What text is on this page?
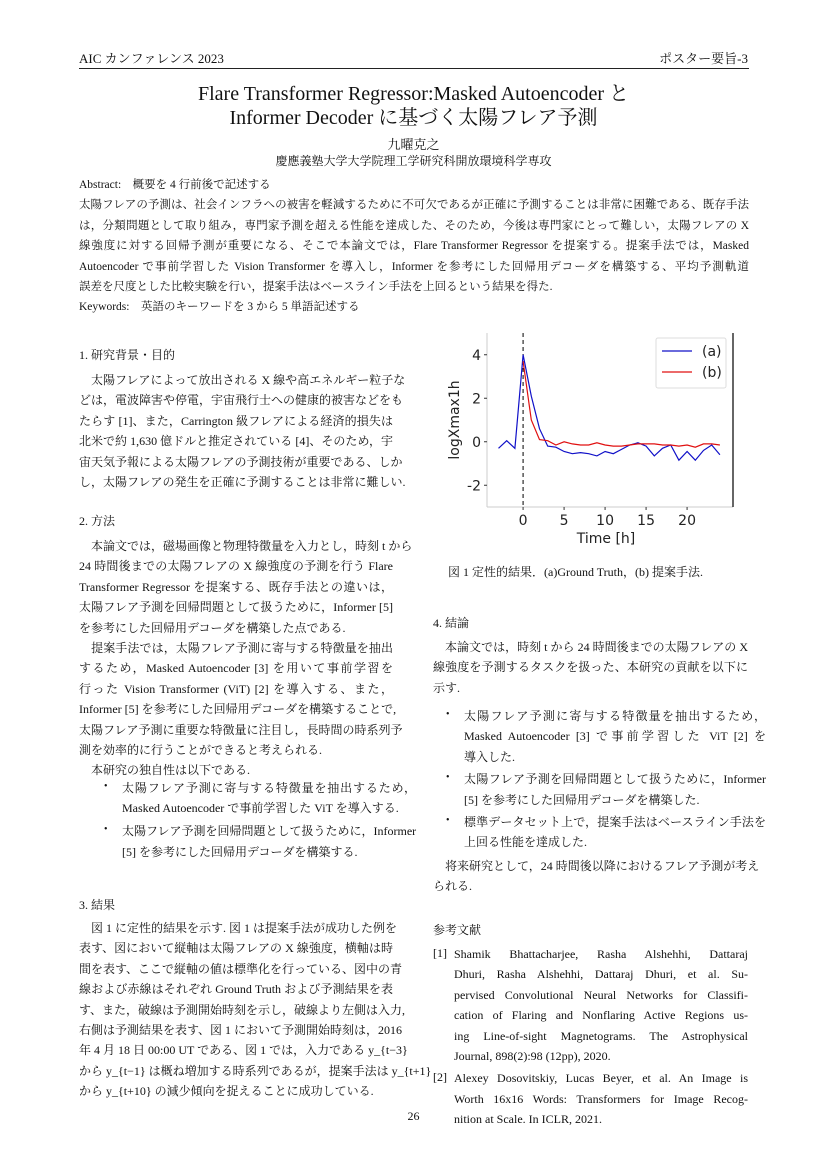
AIC カンファレンス 2023	ポスター要旨-3
Flare Transformer Regressor:Masked Autoencoder と
Informer Decoder に基づく太陽フレア予測
九曜克之
慶應義塾大学大学院理工学研究科開放環境科学専攻
Abstract:　概要を 4 行前後で記述する
太陽フレアの予測は、社会インフラへの被害を軽減するために不可欠であるが正確に予測することは非常に困難である、既存手法
は，分類問題として取り組み，専門家予測を超える性能を達成した、そのため，今後は専門家にとって難しい，太陽フレアの X
線強度に対する回帰予測が重要になる、そこで本論文では，Flare Transformer Regressor を提案する。提案手法では，Masked
Autoencoder で事前学習した Vision Transformer を導入し，Informer を参考にした回帰用デコーダを構築する、平均予測軌道
誤差を尺度とした比較実験を行い，提案手法はベースライン手法を上回るという結果を得た.
Keywords:　英語のキーワードを 3 から 5 単語記述する
1. 研究背景・目的
　太陽フレアによって放出される X 線や高エネルギー粒子な
どは，電波障害や停電，宇宙飛行士への健康的被害などをも
たらす [1]、また，Carrington 級フレアによる経済的損失は
北米で約 1,630 億ドルと推定されている [4]、そのため，宇
宙天気予報による太陽フレアの予測技術が重要である、しか
し，太陽フレアの発生を正確に予測することは非常に難しい.
2. 方法
　本論文では，磁場画像と物理特徴量を入力とし，時刻 t から
24 時間後までの太陽フレアの X 線強度の予測を行う Flare
Transformer Regressor を提案する、既存手法との違いは，
太陽フレア予測を回帰問題として扱うために，Informer [5]
を参考にした回帰用デコーダを構築した点である.
　提案手法では，太陽フレア予測に寄与する特徴量を抽出
するため，Masked Autoencoder [3] を用いて事前学習を
行った Vision Transformer (ViT) [2] を導入する、また，
Informer [5] を参考にした回帰用デコーダを構築することで,
太陽フレア予測に重要な特徴量に注目し，長時間の時系列予
測を効率的に行うことができると考えられる.
　本研究の独自性は以下である.
3. 結果
　図 1 に定性的結果を示す. 図 1 は提案手法が成功した例を
表す、図において縦軸は太陽フレアの X 線強度，横軸は時
間を表す、ここで縦軸の値は標準化を行っている、図中の青
線および赤線はそれぞれ Ground Truth および予測結果を表
す、また，破線は予測開始時刻を示し，破線より左側は入力,
右側は予測結果を表す、図 1 において予測開始時刻は，2016
年 4 月 18 日 00:00 UT である、図 1 では，入力である y_{t−3}
から y_{t−1} は概ね増加する時系列であるが，提案手法は y_{t+1}
から y_{t+10} の減少傾向を捉えることに成功している.
0 5 10 15 20
-2
0
2
4
Time [h]
logXmax1h
(a)
(b)
図 1 定性的結果．(a)Ground Truth，(b) 提案手法.
4. 結論
　本論文では，時刻 t から 24 時間後までの太陽フレアの X
線強度を予測するタスクを扱った、本研究の貢献を以下に
示す.
　将来研究として，24 時間後以降におけるフレア予測が考え
られる.
参考文献
26
• 太陽フレア予測に寄与する特徴量を抽出するため，
Masked Autoencoder で事前学習した ViT を導入する.
• 太陽フレア予測を回帰問題として扱うために，Informer
[5] を参考にした回帰用デコーダを構築する.
• 太陽フレア予測に寄与する特徴量を抽出するため，
Masked Autoencoder [3] で事前学習した ViT [2] を
導入した.
• 太陽フレア予測を回帰問題として扱うために，Informer
[5] を参考にした回帰用デコーダを構築した.
• 標準データセット上で，提案手法はベースライン手法を
上回る性能を達成した.
[1] Shamik Bhattacharjee, Rasha Alshehhi, Dattaraj
Dhuri, Rasha Alshehhi, Dattaraj Dhuri, et al. Su-
pervised Convolutional Neural Networks for Classifi-
cation of Flaring and Nonflaring Active Regions us-
ing Line-of-sight Magnetograms. The Astrophysical
Journal, 898(2):98 (12pp), 2020.
[2] Alexey Dosovitskiy, Lucas Beyer, et al. An Image is
Worth 16x16 Words: Transformers for Image Recog-
nition at Scale. In ICLR, 2021.
